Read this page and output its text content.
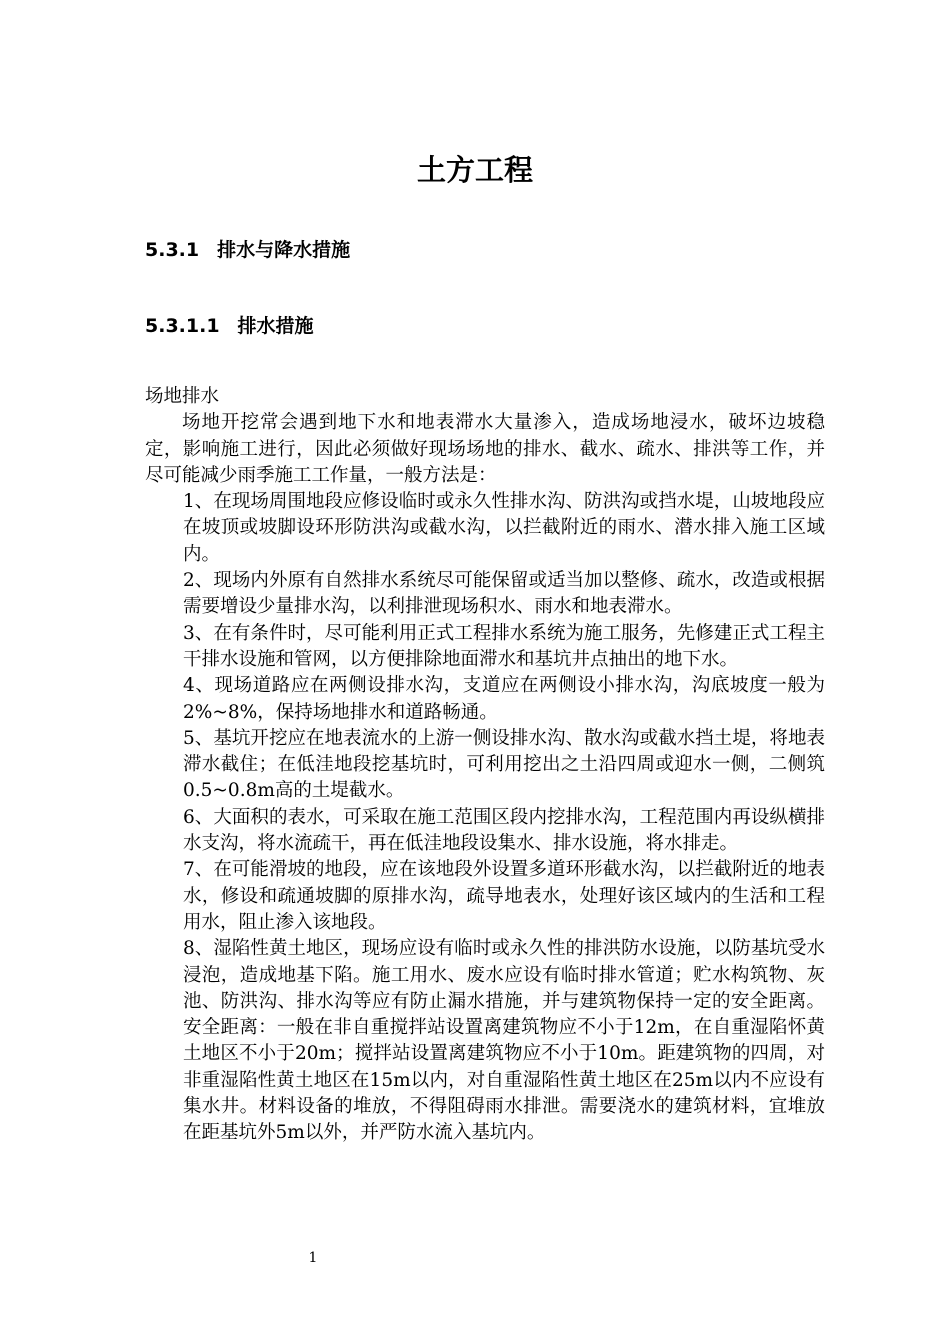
土方工程
5.3.1 排水与降水措施
5.3.1.1 排水措施

场地排水

场地开挖常会遇到地下水和地表滞水大量渗入，造成场地浸水，破坏边坡稳定，影响施工进行，因此必须做好现场场地的排水、截水、疏水、排洪等工作，并尽可能减少雨季施工工作量，一般方法是：

1、在现场周围地段应修设临时或永久性排水沟、防洪沟或挡水堤，山坡地段应在坡顶或坡脚设环形防洪沟或截水沟，以拦截附近的雨水、潜水排入施工区域内。

2、现场内外原有自然排水系统尽可能保留或适当加以整修、疏水，改造或根据需要增设少量排水沟，以利排泄现场积水、雨水和地表滞水。

3、在有条件时，尽可能利用正式工程排水系统为施工服务，先修建正式工程主干排水设施和管网，以方便排除地面滞水和基坑井点抽出的地下水。

4、现场道路应在两侧设排水沟，支道应在两侧设小排水沟，沟底坡度一般为2%~8%，保持场地排水和道路畅通。

5、基坑开挖应在地表流水的上游一侧设排水沟、散水沟或截水挡土堤，将地表滞水截住；在低洼地段挖基坑时，可利用挖出之土沿四周或迎水一侧，二侧筑0.5~0.8m高的土堤截水。

6、大面积的表水，可采取在施工范围区段内挖排水沟，工程范围内再设纵横排水支沟，将水流疏干，再在低洼地段设集水、排水设施，将水排走。

7、在可能滑坡的地段，应在该地段外设置多道环形截水沟，以拦截附近的地表水，修设和疏通坡脚的原排水沟，疏导地表水，处理好该区域内的生活和工程用水，阻止渗入该地段。

8、湿陷性黄土地区，现场应设有临时或永久性的排洪防水设施，以防基坑受水浸泡，造成地基下陷。施工用水、废水应设有临时排水管道；贮水构筑物、灰池、防洪沟、排水沟等应有防止漏水措施，并与建筑物保持一定的安全距离。安全距离：一般在非自重搅拌站设置离建筑物应不小于12m，在自重湿陷怀黄土地区不小于20m；搅拌站设置离建筑物应不小于10m。距建筑物的四周，对非重湿陷性黄土地区在15m以内，对自重湿陷性黄土地区在25m以内不应设有集水井。材料设备的堆放，不得阻碍雨水排泄。需要浇水的建筑材料，宜堆放在距基坑外5m以外，并严防水流入基坑内。

1
